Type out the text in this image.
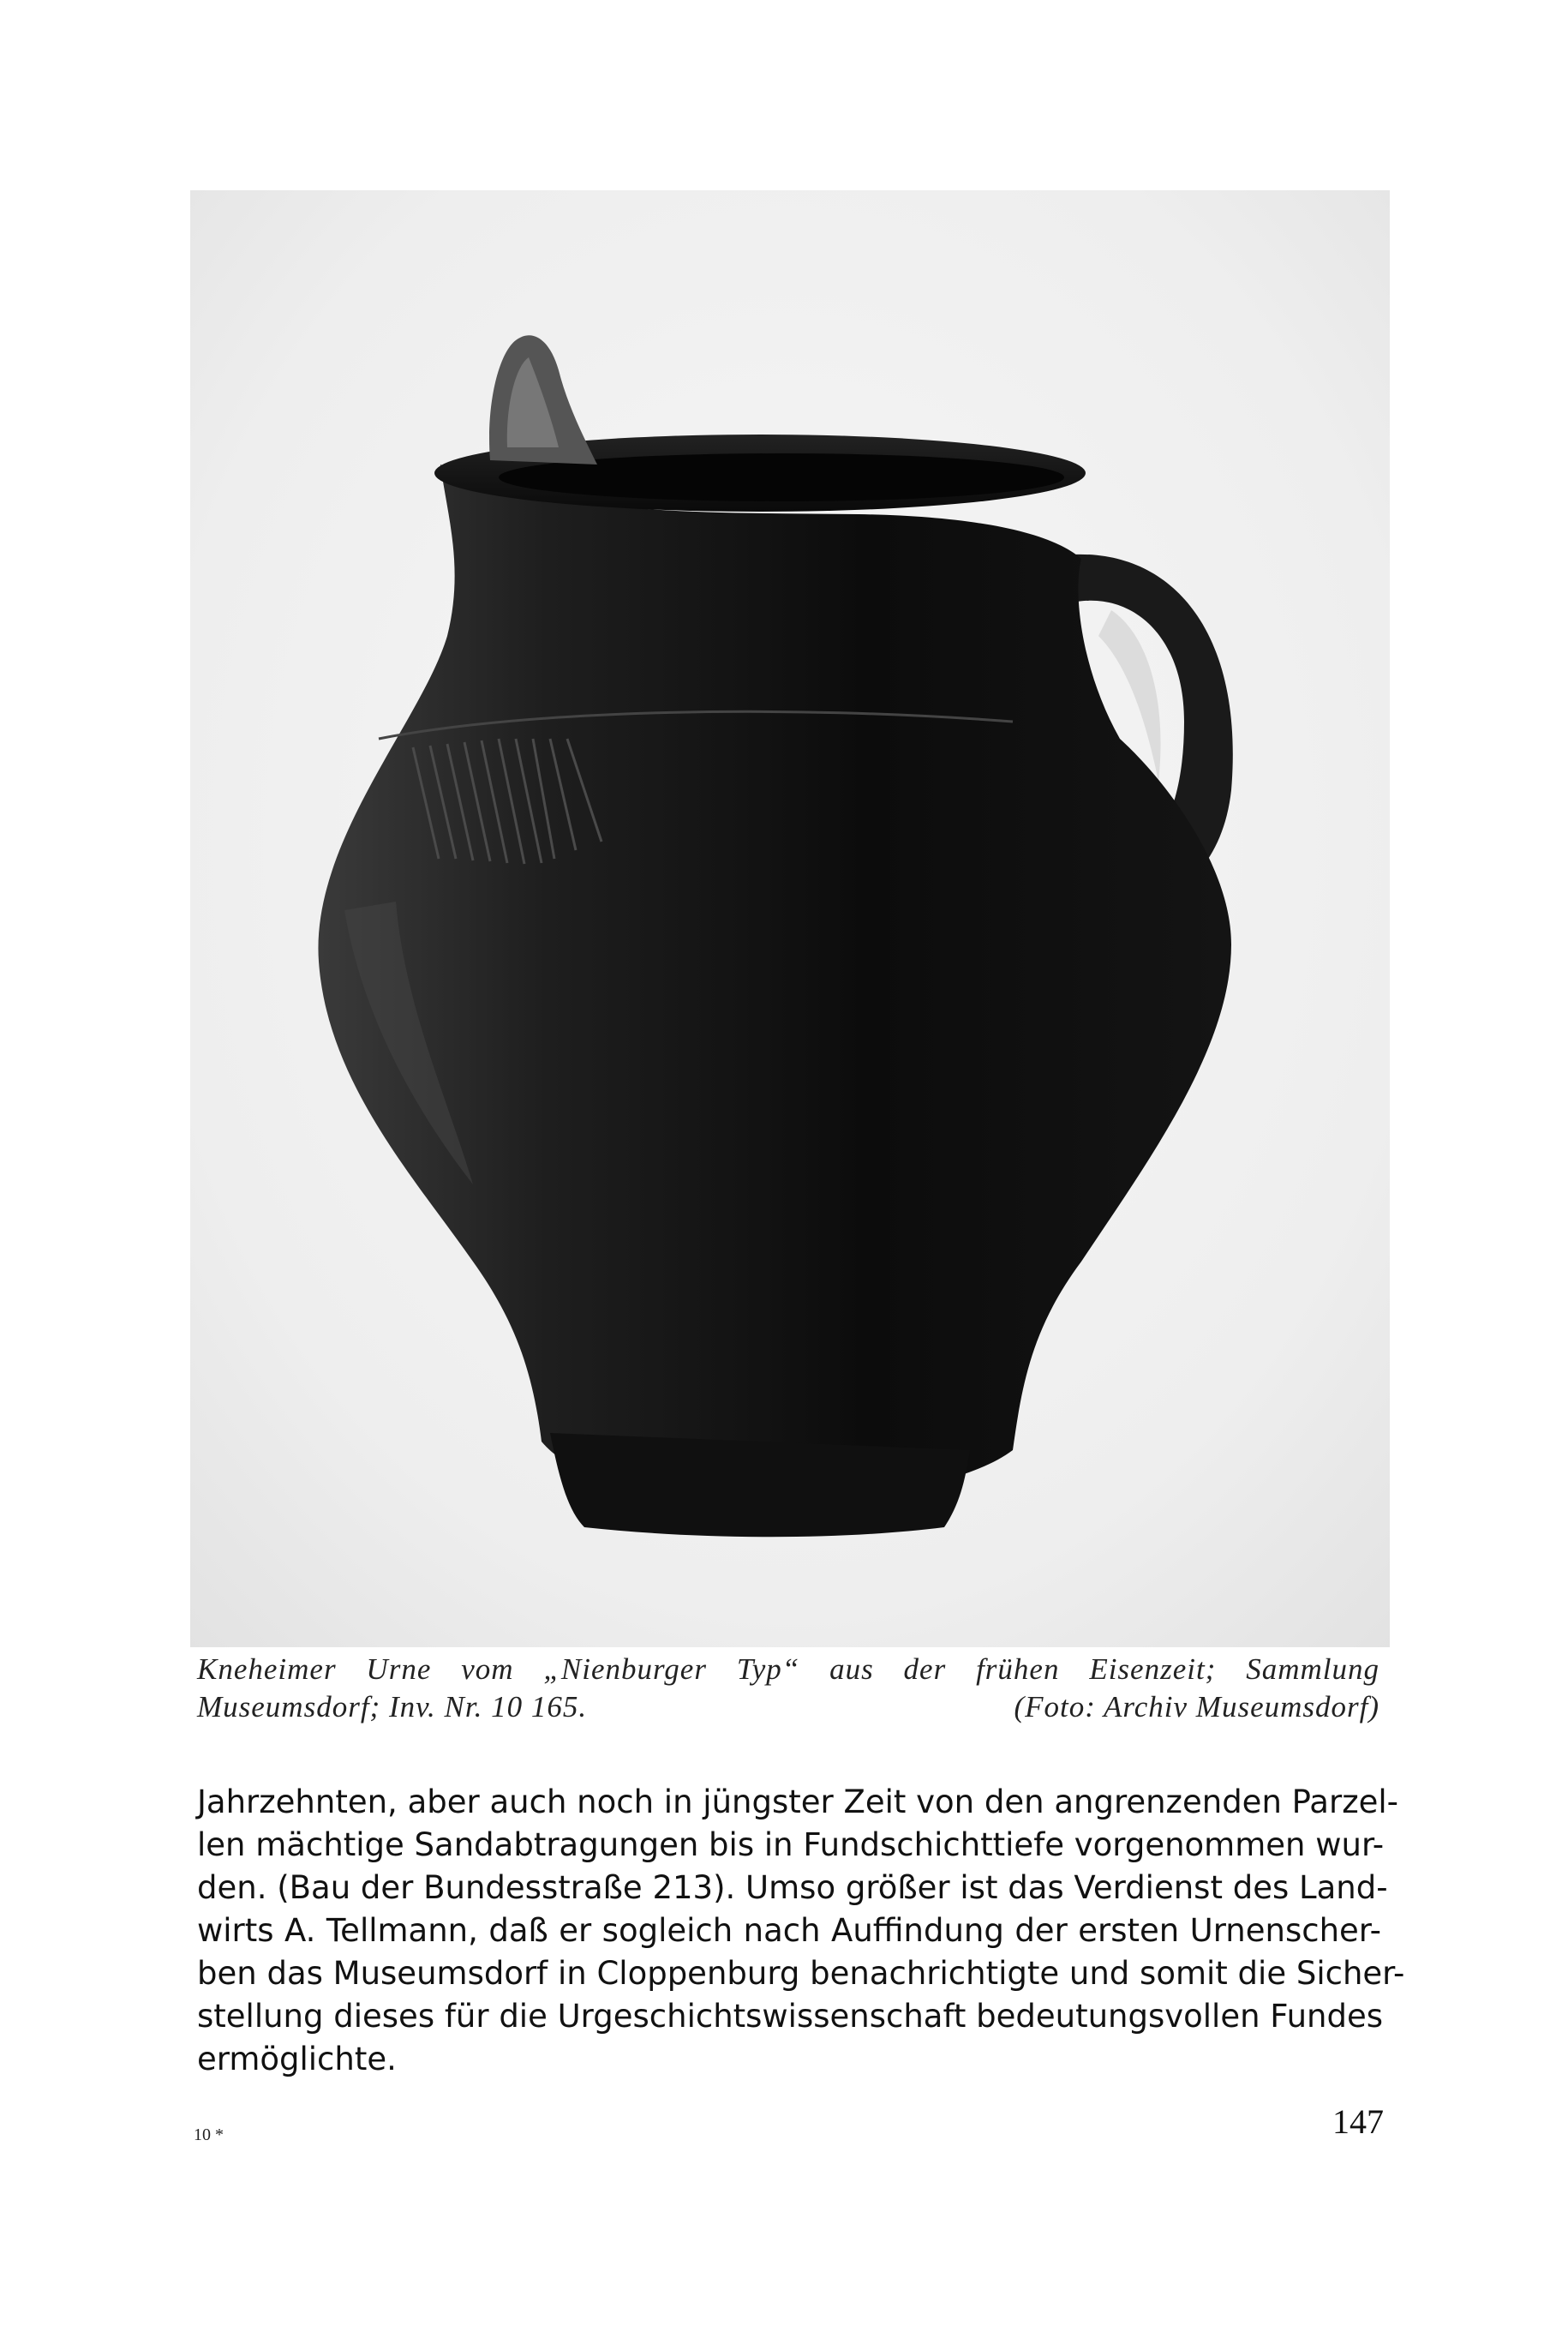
Kneheimer Urne vom „Nienburger Typ“ aus der frühen Eisenzeit; Sammlung
Museumsdorf; Inv. Nr. 10 165.	(Foto: Archiv Museumsdorf)
Jahrzehnten, aber auch noch in jüngster Zeit von den angrenzenden Parzel-
len mächtige Sandabtragungen bis in Fundschichttiefe vorgenommen wur-
den. (Bau der Bundesstraße 213). Umso größer ist das Verdienst des Land-
wirts A. Tellmann, daß er sogleich nach Auffindung der ersten Urnenscher-
ben das Museumsdorf in Cloppenburg benachrichtigte und somit die Sicher-
stellung dieses für die Urgeschichtswissenschaft bedeutungsvollen Fundes
ermöglichte.
10 *	147
